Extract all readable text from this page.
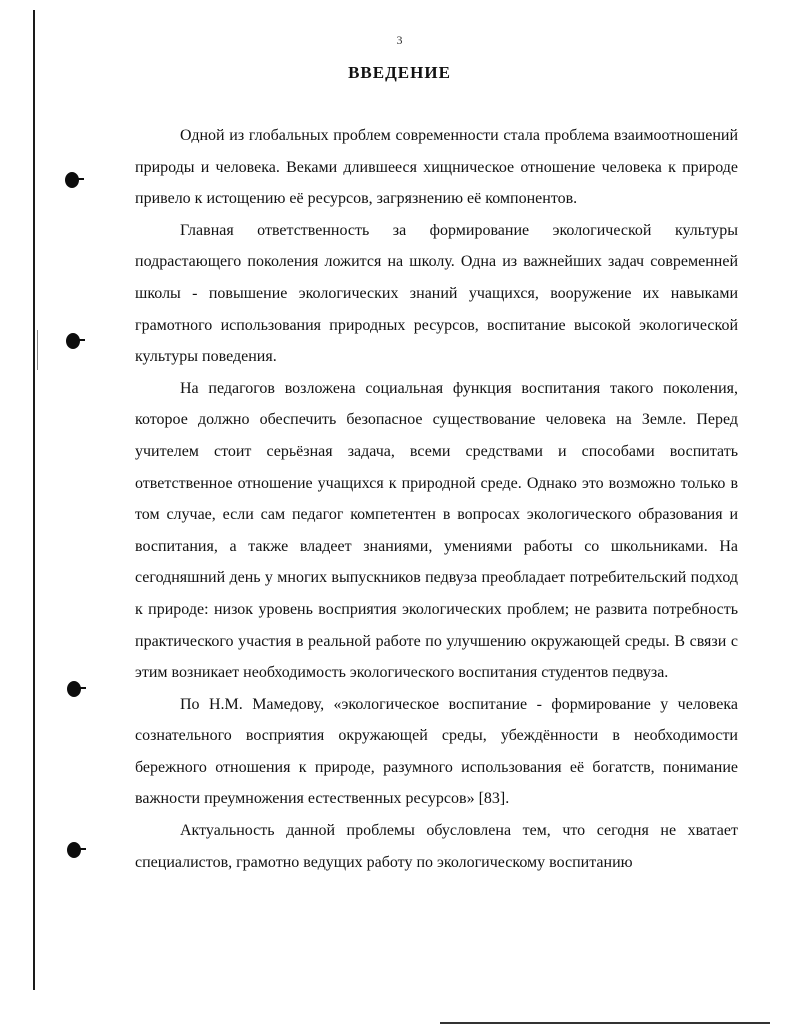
3
ВВЕДЕНИЕ

Одной из глобальных проблем современности стала проблема взаимоотношений природы и человека. Веками длившееся хищническое отношение человека к природе привело к истощению её ресурсов, загрязнению её компонентов.

Главная ответственность за формирование экологической культуры подрастающего поколения ложится на школу. Одна из важнейших задач современней школы - повышение экологических знаний учащихся, вооружение их навыками грамотного использования природных ресурсов, воспитание высокой экологической культуры поведения.

На педагогов возложена социальная функция воспитания такого поколения, которое должно обеспечить безопасное существование человека на Земле. Перед учителем стоит серьёзная задача, всеми средствами и способами воспитать ответственное отношение учащихся к природной среде. Однако это возможно только в том случае, если сам педагог компетентен в вопросах экологического образования и воспитания, а также владеет знаниями, умениями работы со школьниками. На сегодняшний день у многих выпускников педвуза преобладает потребительский подход к природе: низок уровень восприятия экологических проблем; не развита потребность практического участия в реальной работе по улучшению окружающей среды. В связи с этим возникает необходимость экологического воспитания студентов педвуза.

По Н.М. Мамедову, «экологическое воспитание - формирование у человека сознательного восприятия окружающей среды, убеждённости в необходимости бережного отношения к природе, разумного использования её богатств, понимание важности преумножения естественных ресурсов» [83].

Актуальность данной проблемы обусловлена тем, что сегодня не хватает специалистов, грамотно ведущих работу по экологическому воспитанию
